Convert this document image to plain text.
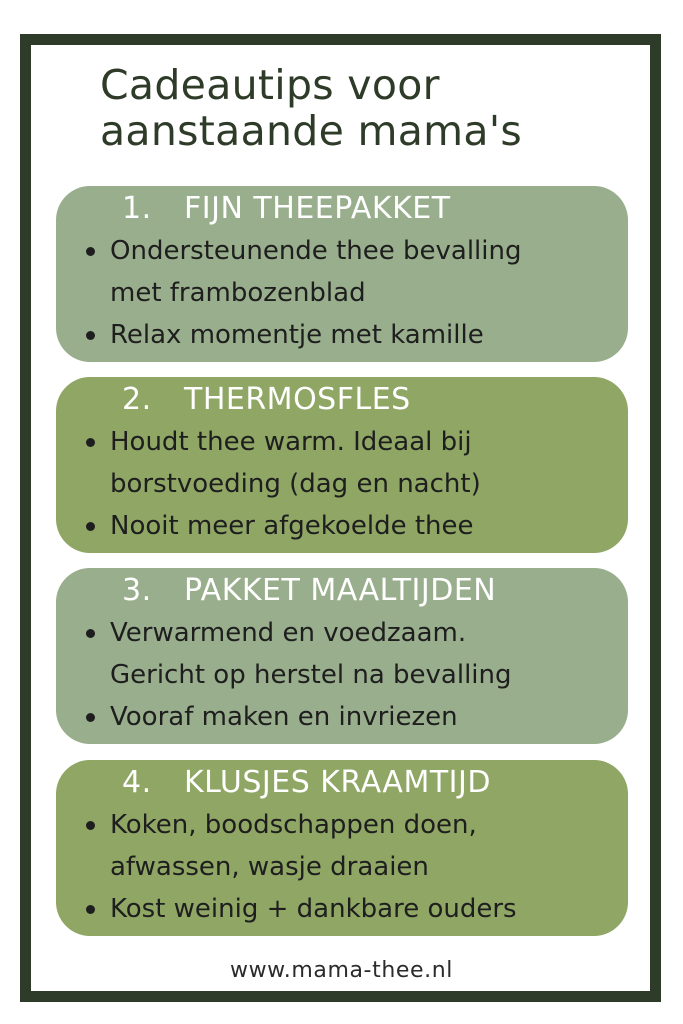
Cadeautips voor
aanstaande mama's
1. FIJN THEEPAKKET
Ondersteunende thee bevalling
met frambozenblad
Relax momentje met kamille
2. THERMOSFLES
Houdt thee warm. Ideaal bij
borstvoeding (dag en nacht)
Nooit meer afgekoelde thee
3. PAKKET MAALTIJDEN
Verwarmend en voedzaam.
Gericht op herstel na bevalling
Vooraf maken en invriezen
4. KLUSJES KRAAMTIJD
Koken, boodschappen doen,
afwassen, wasje draaien
Kost weinig + dankbare ouders
www.mama-thee.nl
